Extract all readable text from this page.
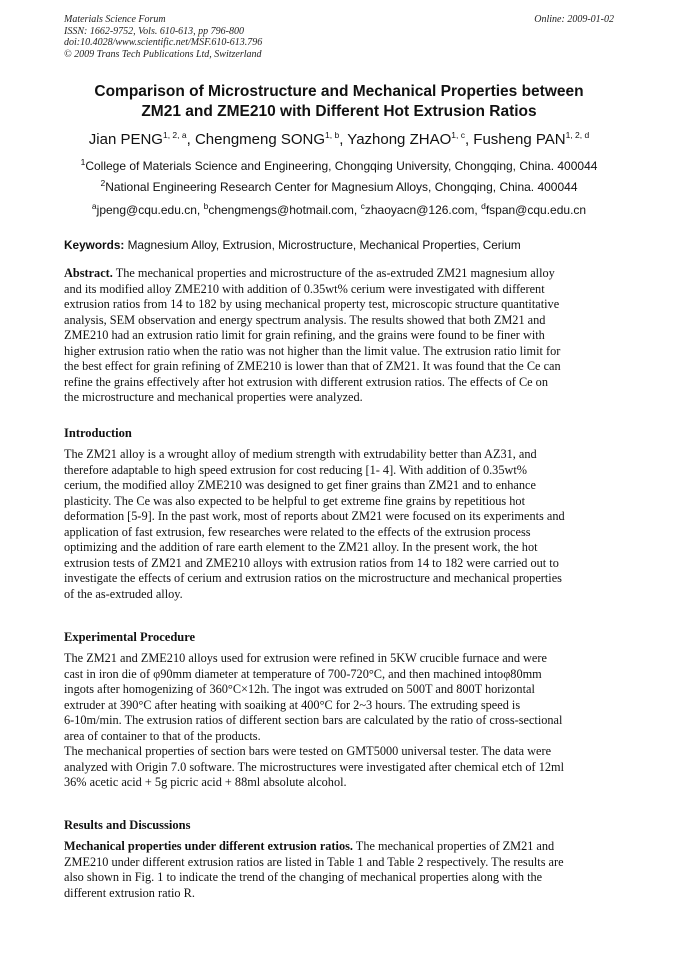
Materials Science Forum
ISSN: 1662-9752, Vols. 610-613, pp 796-800
doi:10.4028/www.scientific.net/MSF.610-613.796
© 2009 Trans Tech Publications Ltd, Switzerland
Online: 2009-01-02
Comparison of Microstructure and Mechanical Properties between
ZM21 and ZME210 with Different Hot Extrusion Ratios
Jian PENG$^{1, 2, a}$, Chengmeng SONG$^{1, b}$, Yazhong ZHAO$^{1, c}$, Fusheng PAN$^{1, 2, d}$
$^1$College of Materials Science and Engineering, Chongqing University, Chongqing, China. 400044
$^2$National Engineering Research Center for Magnesium Alloys, Chongqing, China. 400044
$^a$jpeng@cqu.edu.cn, $^b$chengmengs@hotmail.com, $^c$zhaoyacn@126.com, $^d$fspan@cqu.edu.cn
Keywords: Magnesium Alloy, Extrusion, Microstructure, Mechanical Properties, Cerium
Abstract. The mechanical properties and microstructure of the as-extruded ZM21 magnesium alloy
and its modified alloy ZME210 with addition of 0.35wt% cerium were investigated with different
extrusion ratios from 14 to 182 by using mechanical property test, microscopic structure quantitative
analysis, SEM observation and energy spectrum analysis. The results showed that both ZM21 and
ZME210 had an extrusion ratio limit for grain refining, and the grains were found to be finer with
higher extrusion ratio when the ratio was not higher than the limit value. The extrusion ratio limit for
the best effect for grain refining of ZME210 is lower than that of ZM21. It was found that the Ce can
refine the grains effectively after hot extrusion with different extrusion ratios. The effects of Ce on
the microstructure and mechanical properties were analyzed.
Introduction
The ZM21 alloy is a wrought alloy of medium strength with extrudability better than AZ31, and
therefore adaptable to high speed extrusion for cost reducing [1- 4]. With addition of 0.35wt%
cerium, the modified alloy ZME210 was designed to get finer grains than ZM21 and to enhance
plasticity. The Ce was also expected to be helpful to get extreme fine grains by repetitious hot
deformation [5-9]. In the past work, most of reports about ZM21 were focused on its experiments and
application of fast extrusion, few researches were related to the effects of the extrusion process
optimizing and the addition of rare earth element to the ZM21 alloy. In the present work, the hot
extrusion tests of ZM21 and ZME210 alloys with extrusion ratios from 14 to 182 were carried out to
investigate the effects of cerium and extrusion ratios on the microstructure and mechanical properties
of the as-extruded alloy.
Experimental Procedure
The ZM21 and ZME210 alloys used for extrusion were refined in 5KW crucible furnace and were
cast in iron die of φ90mm diameter at temperature of 700-720°C, and then machined intoφ80mm
ingots after homogenizing of 360°C×12h. The ingot was extruded on 500T and 800T horizontal
extruder at 390°C after heating with soaiking at 400°C for 2~3 hours. The extruding speed is
6-10m/min. The extrusion ratios of different section bars are calculated by the ratio of cross-sectional
area of container to that of the products.
The mechanical properties of section bars were tested on GMT5000 universal tester. The data were
analyzed with Origin 7.0 software. The microstructures were investigated after chemical etch of 12ml
36% acetic acid + 5g picric acid + 88ml absolute alcohol.
Results and Discussions
Mechanical properties under different extrusion ratios. The mechanical properties of ZM21 and
ZME210 under different extrusion ratios are listed in Table 1 and Table 2 respectively. The results are
also shown in Fig. 1 to indicate the trend of the changing of mechanical properties along with the
different extrusion ratio R.
